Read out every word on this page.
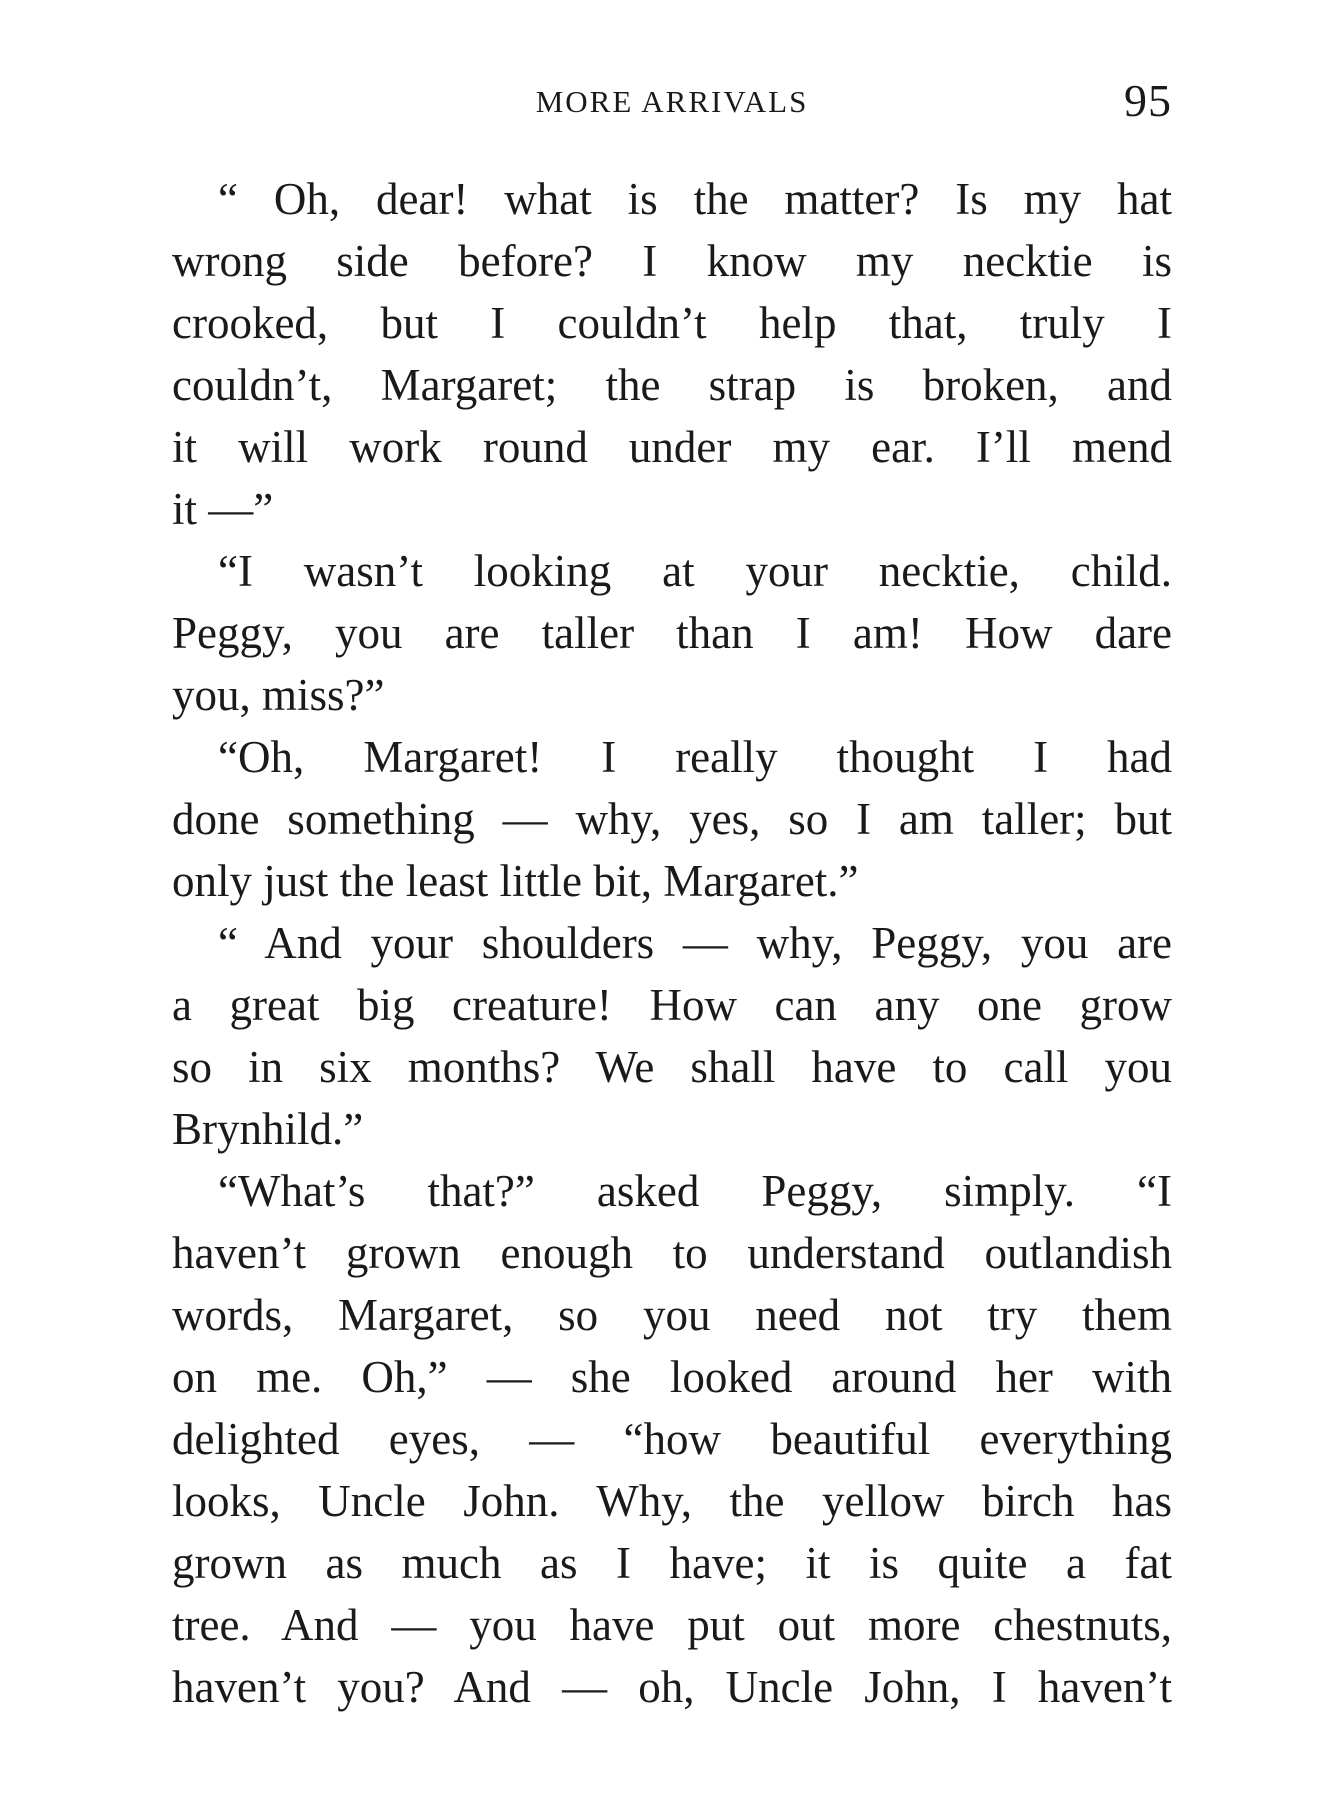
MORE ARRIVALS	95
“ Oh, dear! what is the matter? Is my hat
wrong side before? I know my necktie is
crooked, but I couldn’t help that, truly I
couldn’t, Margaret; the strap is broken, and
it will work round under my ear. I’ll mend
it —”
“I wasn’t looking at your necktie, child.
Peggy, you are taller than I am! How dare
you, miss?”
“Oh, Margaret! I really thought I had
done something — why, yes, so I am taller; but
only just the least little bit, Margaret.”
“ And your shoulders — why, Peggy, you are
a great big creature! How can any one grow
so in six months? We shall have to call you
Brynhild.”
“What’s that?” asked Peggy, simply. “I
haven’t grown enough to understand outlandish
words, Margaret, so you need not try them
on me. Oh,” — she looked around her with
delighted eyes, — “how beautiful everything
looks, Uncle John. Why, the yellow birch has
grown as much as I have; it is quite a fat
tree. And — you have put out more chestnuts,
haven’t you? And — oh, Uncle John, I haven’t
